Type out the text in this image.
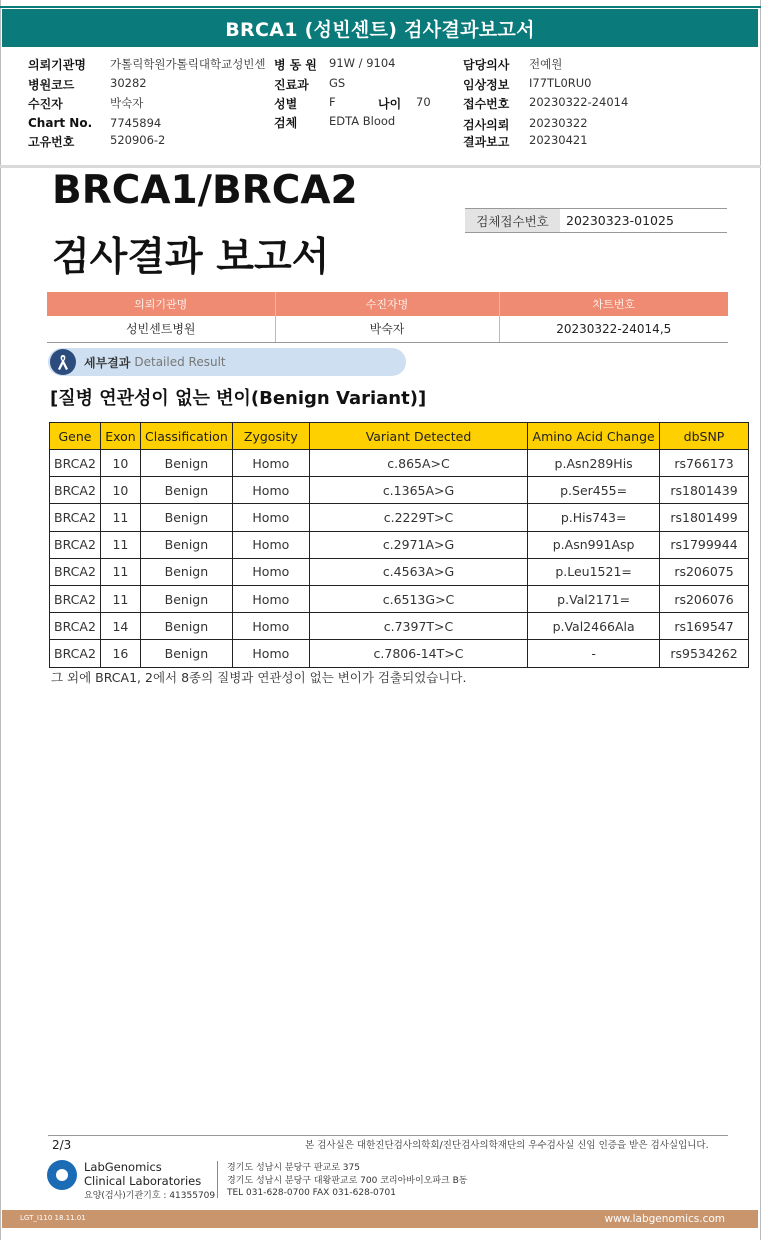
BRCA1 (성빈센트) 검사결과보고서
의뢰기관명 가톨릭학원가톨릭대학교성빈센
병원코드	30282
수진자	박숙자
Chart No. 7745894
고유번호	520906-2
병 동 원 91W / 9104
진료과 GS
성별	F	나이 70
검체	EDTA Blood
담당의사 전예원
임상정보 I77TL0RU0
접수번호 20230322-24014
검사의뢰 20230322
결과보고 20230421
BRCA1/BRCA2
검사결과 보고서
검체접수번호	20230323-01025
의뢰기관명	수진자명	차트번호
성빈센트병원	박숙자	20230322-24014,5
세부결과 Detailed Result
[질병 연관성이 없는 변이(Benign Variant)]
Gene	Exon	Classification	Zygosity	Variant Detected	Amino Acid Change	dbSNP
BRCA2	10	Benign	Homo	c.865A>C	p.Asn289His	rs766173
BRCA2	10	Benign	Homo	c.1365A>G	p.Ser455=	rs1801439
BRCA2	11	Benign	Homo	c.2229T>C	p.His743=	rs1801499
BRCA2	11	Benign	Homo	c.2971A>G	p.Asn991Asp	rs1799944
BRCA2	11	Benign	Homo	c.4563A>G	p.Leu1521=	rs206075
BRCA2	11	Benign	Homo	c.6513G>C	p.Val2171=	rs206076
BRCA2	14	Benign	Homo	c.7397T>C	p.Val2466Ala	rs169547
BRCA2	16	Benign	Homo	c.7806-14T>C	-	rs9534262
그 외에 BRCA1, 2에서 8종의 질병과 연관성이 없는 변이가 검출되었습니다.
2/3	본 검사실은 대한진단검사의학회/진단검사의학재단의 우수검사실 신임 인증을 받은 검사실입니다.
LabGenomics
Clinical Laboratories
요양(검사)기관기호 : 41355709
경기도 성남시 분당구 판교로 375
경기도 성남시 분당구 대왕판교로 700 코리아바이오파크 B동
TEL 031-628-0700 FAX 031-628-0701
LGT_I110 18.11.01	www.labgenomics.com
